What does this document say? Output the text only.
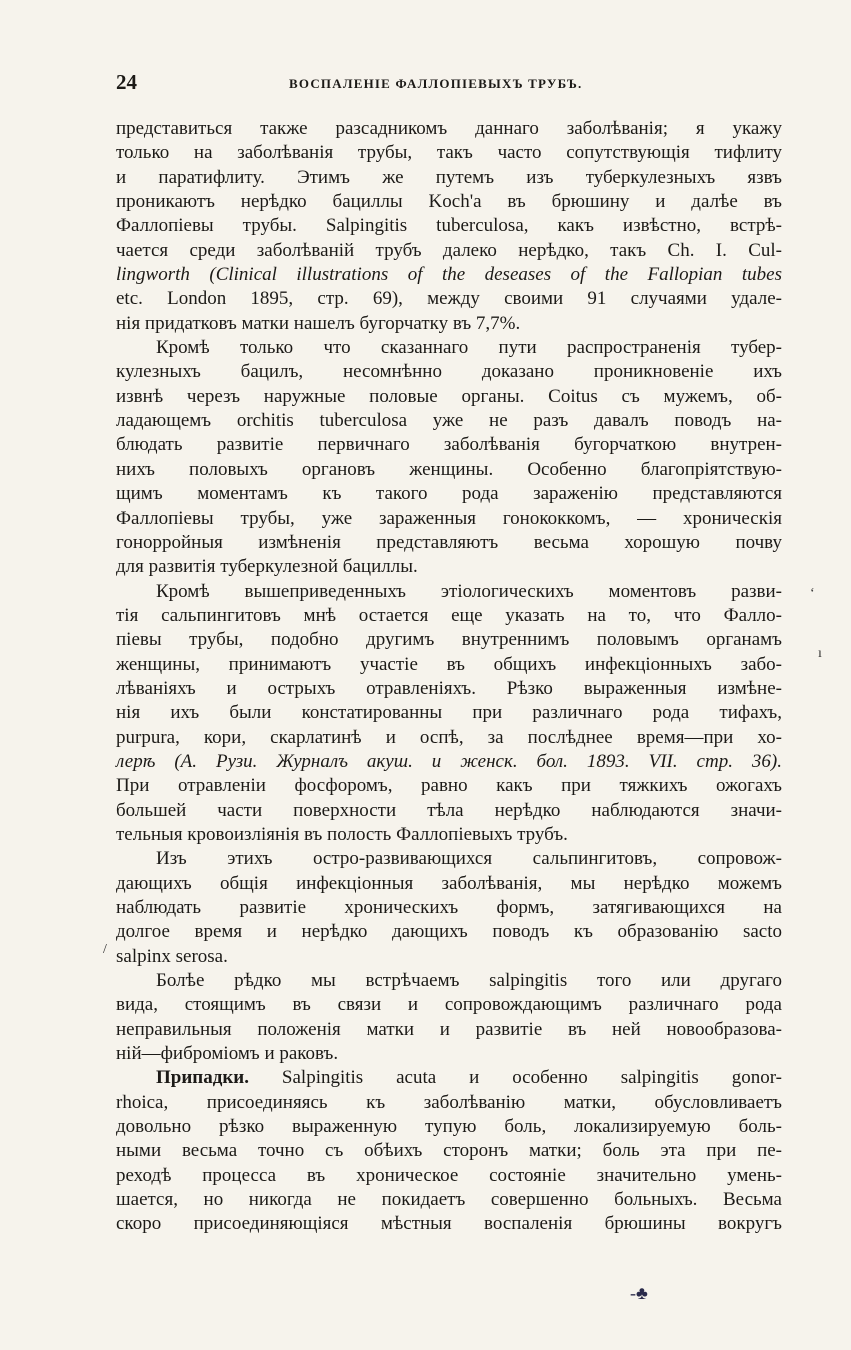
24	ВОСПАЛЕНІЕ ФАЛЛОПІЕВЫХЪ ТРУБЪ.
представиться также разсадникомъ даннаго заболѣванія; я укажу
только на заболѣванія трубы, такъ часто сопутствующія тифлиту
и паратифлиту. Этимъ же путемъ изъ туберкулезныхъ язвъ
проникаютъ нерѣдко бациллы Koch'a въ брюшину и далѣе въ
Фаллопіевы трубы. Salpingitis tuberculosa, какъ извѣстно, встрѣ-
чается среди заболѣваній трубъ далеко нерѣдко, такъ Ch. I. Cul-
lingworth (Clinical illustrations of the deseases of the Fallopian tubes
etc. London 1895, стр. 69), между своими 91 случаями удале-
нія придатковъ матки нашелъ бугорчатку въ 7,7%.
Кромѣ только что сказаннаго пути распространенія тубер-
кулезныхъ бацилъ, несомнѣнно доказано проникновеніе ихъ
извнѣ черезъ наружные половые органы. Coitus съ мужемъ, об-
ладающемъ orchitis tuberculosa уже не разъ давалъ поводъ на-
блюдать развитіе первичнаго заболѣванія бугорчаткою внутрен-
нихъ половыхъ органовъ женщины. Особенно благопріятствую-
щимъ моментамъ къ такого рода зараженію представляются
Фаллопіевы трубы, уже зараженныя гонококкомъ, — хроническія
гонорройныя измѣненія представляютъ весьма хорошую почву
для развитія туберкулезной бациллы.
Кромѣ вышеприведенныхъ этіологическихъ моментовъ разви-
тія сальпингитовъ мнѣ остается еще указать на то, что Фалло-
піевы трубы, подобно другимъ внутреннимъ половымъ органамъ
женщины, принимаютъ участіе въ общихъ инфекціонныхъ забо-
лѣваніяхъ и острыхъ отравленіяхъ. Рѣзко выраженныя измѣне-
нія ихъ были констатированны при различнаго рода тифахъ,
purpura, кори, скарлатинѣ и оспѣ, за послѣднее время—при хо-
лерѣ (А. Рузи. Журналъ акуш. и женск. бол. 1893. VII. стр. 36).
При отравленіи фосфоромъ, равно какъ при тяжкихъ ожогахъ
большей части поверхности тѣла нерѣдко наблюдаются значи-
тельныя кровоизліянія въ полость Фаллопіевыхъ трубъ.
Изъ этихъ остро-развивающихся сальпингитовъ, сопровож-
дающихъ общія инфекціонныя заболѣванія, мы нерѣдко можемъ
наблюдать развитіе хроническихъ формъ, затягивающихся на
долгое время и нерѣдко дающихъ поводъ къ образованію sacto
salpinx serosa.
Болѣе рѣдко мы встрѣчаемъ salpingitis того или другаго
вида, стоящимъ въ связи и сопровождающимъ различнаго рода
неправильныя положенія матки и развитіе въ ней новообразова-
ній—фиброміомъ и раковъ.
Припадки. Salpingitis acuta и особенно salpingitis gonor-
rhoica, присоединяясь къ заболѣванію матки, обусловливаетъ
довольно рѣзко выраженную тупую боль, локализируемую боль-
ными весьма точно съ обѣихъ сторонъ матки; боль эта при пе-
реходѣ процесса въ хроническое состояніе значительно умень-
шается, но никогда не покидаетъ совершенно больныхъ. Весьма
скоро присоединяющіяся мѣстныя воспаленія брюшины вокругъ
‘
ı
/
‑♣
